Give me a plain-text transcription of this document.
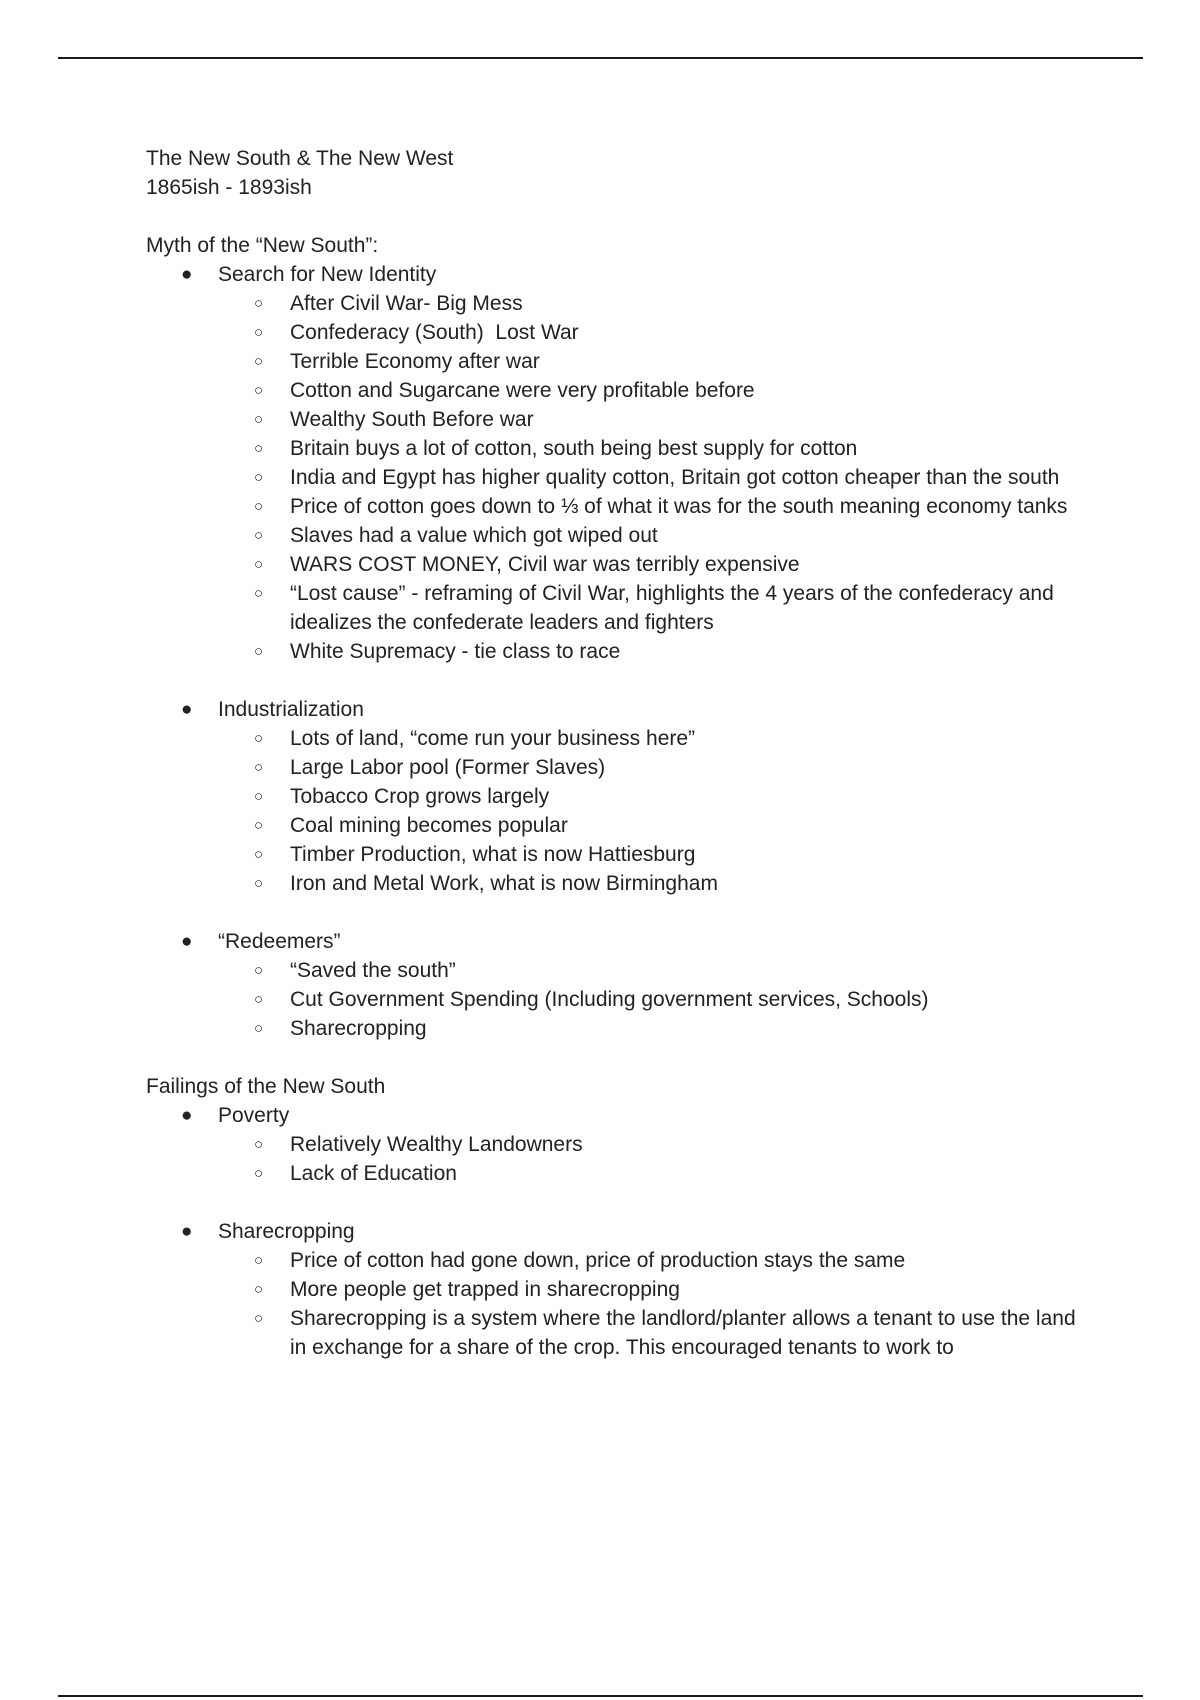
The New South & The New West
1865ish - 1893ish
Myth of the “New South”:
● Search for New Identity
○ After Civil War- Big Mess
○ Confederacy (South)  Lost War
○ Terrible Economy after war
○ Cotton and Sugarcane were very profitable before
○ Wealthy South Before war
○ Britain buys a lot of cotton, south being best supply for cotton
○ India and Egypt has higher quality cotton, Britain got cotton cheaper than the south
○ Price of cotton goes down to ⅓ of what it was for the south meaning economy tanks
○ Slaves had a value which got wiped out
○ WARS COST MONEY, Civil war was terribly expensive
○ “Lost cause” - reframing of Civil War, highlights the 4 years of the confederacy and idealizes the confederate leaders and fighters
○ White Supremacy - tie class to race
● Industrialization
○ Lots of land, “come run your business here”
○ Large Labor pool (Former Slaves)
○ Tobacco Crop grows largely
○ Coal mining becomes popular
○ Timber Production, what is now Hattiesburg
○ Iron and Metal Work, what is now Birmingham
● “Redeemers”
○ “Saved the south”
○ Cut Government Spending (Including government services, Schools)
○ Sharecropping
Failings of the New South
● Poverty
○ Relatively Wealthy Landowners
○ Lack of Education
● Sharecropping
○ Price of cotton had gone down, price of production stays the same
○ More people get trapped in sharecropping
○ Sharecropping is a system where the landlord/planter allows a tenant to use the land in exchange for a share of the crop. This encouraged tenants to work to
